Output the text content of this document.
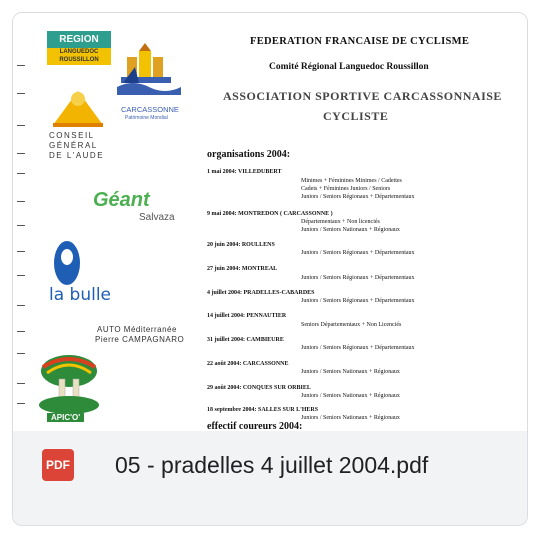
REGION
LANGUEDOC ROUSSILLON
CARCASSONNE
Patrimoine Mondial
CONSEIL GÉNÉRAL DE L'AUDE
Géant
Salvaza
la bulle
AUTO Méditerranée
Pierre CAMPAGNARO
APIC'O'
FEDERATION FRANCAISE DE CYCLISME
Comité Régional Languedoc Roussillon
ASSOCIATION SPORTIVE CARCASSONNAISE
CYCLISTE
organisations 2004:
1 mai 2004: VILLEDUBERT
Minimes + Féminines Minimes / Cadettes
Cadets + Féminines Juniors / Seniors
Juniors / Seniors Régionaux + Départementaux
9 mai 2004: MONTREDON ( CARCASSONNE )
Départementaux + Non licenciés
Juniors / Seniors Nationaux + Régionaux
20 juin 2004: ROULLENS
Juniors / Seniors Régionaux + Départementaux
27 juin 2004: MONTREAL
Juniors / Seniors Régionaux + Départementaux
4 juillet 2004: PRADELLES-CABARDES
Juniors / Seniors Régionaux + Départementaux
14 juillet 2004: PENNAUTIER
Seniors Départementaux + Non Licenciés
31 juillet 2004: CAMBIEURE
Juniors / Seniors Régionaux + Départementaux
22 août 2004: CARCASSONNE
Juniors / Seniors Nationaux + Régionaux
29 août 2004: CONQUES SUR ORBIEL
Juniors / Seniors Nationaux + Régionaux
18 septembre 2004: SALLES SUR L'HERS
Juniors / Seniors Nationaux + Régionaux
effectif coureurs 2004:
PDF 05 - pradelles 4 juillet 2004.pdf
